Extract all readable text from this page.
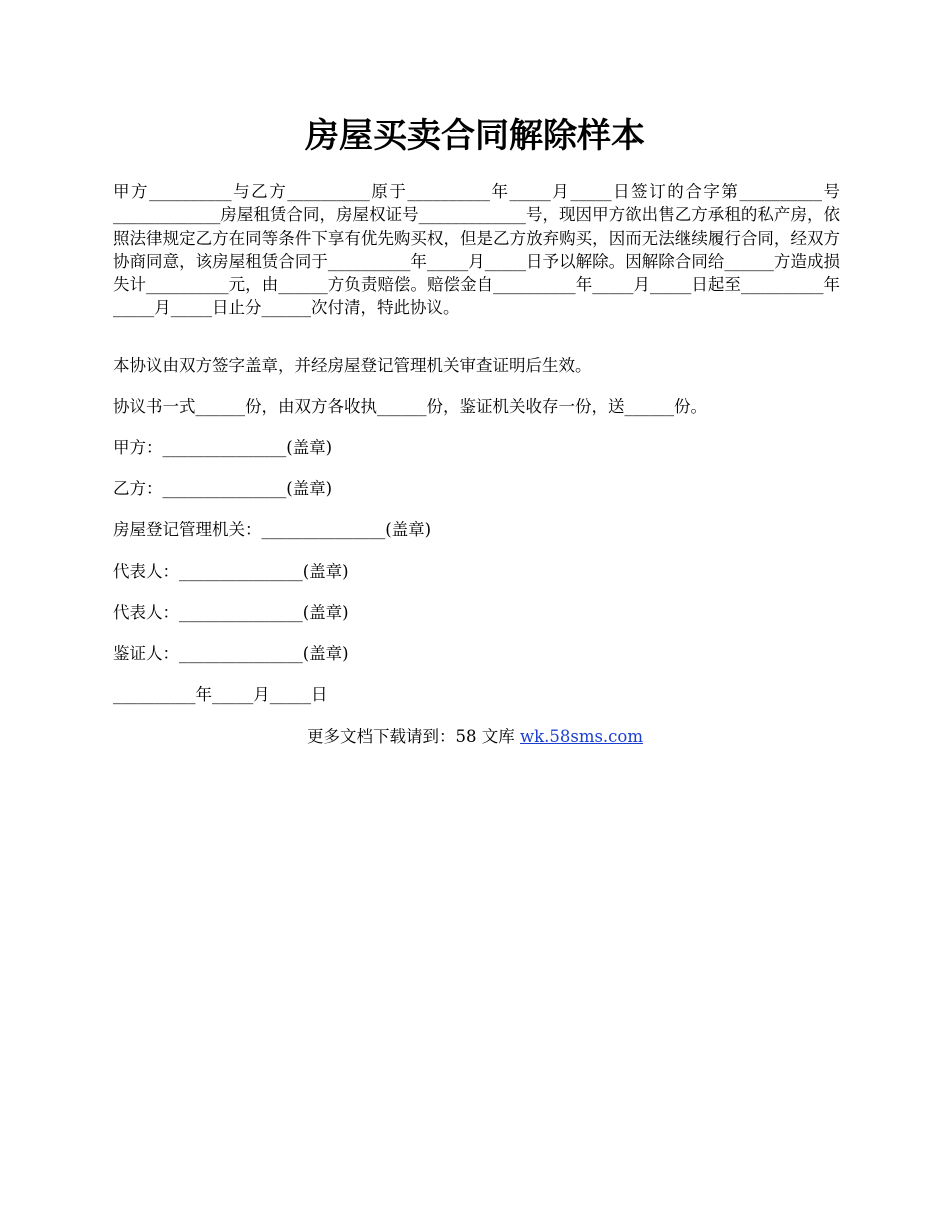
房屋买卖合同解除样本
甲方__________与乙方__________原于__________年_____月_____日签订的合字第__________号_____________房屋租赁合同，房屋权证号_____________号，现因甲方欲出售乙方承租的私产房，依照法律规定乙方在同等条件下享有优先购买权，但是乙方放弃购买，因而无法继续履行合同，经双方协商同意，该房屋租赁合同于__________年_____月_____日予以解除。因解除合同给______方造成损失计__________元，由______方负责赔偿。赔偿金自__________年_____月_____日起至__________年_____月_____日止分______次付清，特此协议。
本协议由双方签字盖章，并经房屋登记管理机关审查证明后生效。
协议书一式______份，由双方各收执______份，鉴证机关收存一份，送______份。
甲方：_______________(盖章)
乙方：_______________(盖章)
房屋登记管理机关：_______________(盖章)
代表人：_______________(盖章)
代表人：_______________(盖章)
鉴证人：_______________(盖章)
__________年_____月_____日
更多文档下载请到：58 文库 wk.58sms.com
